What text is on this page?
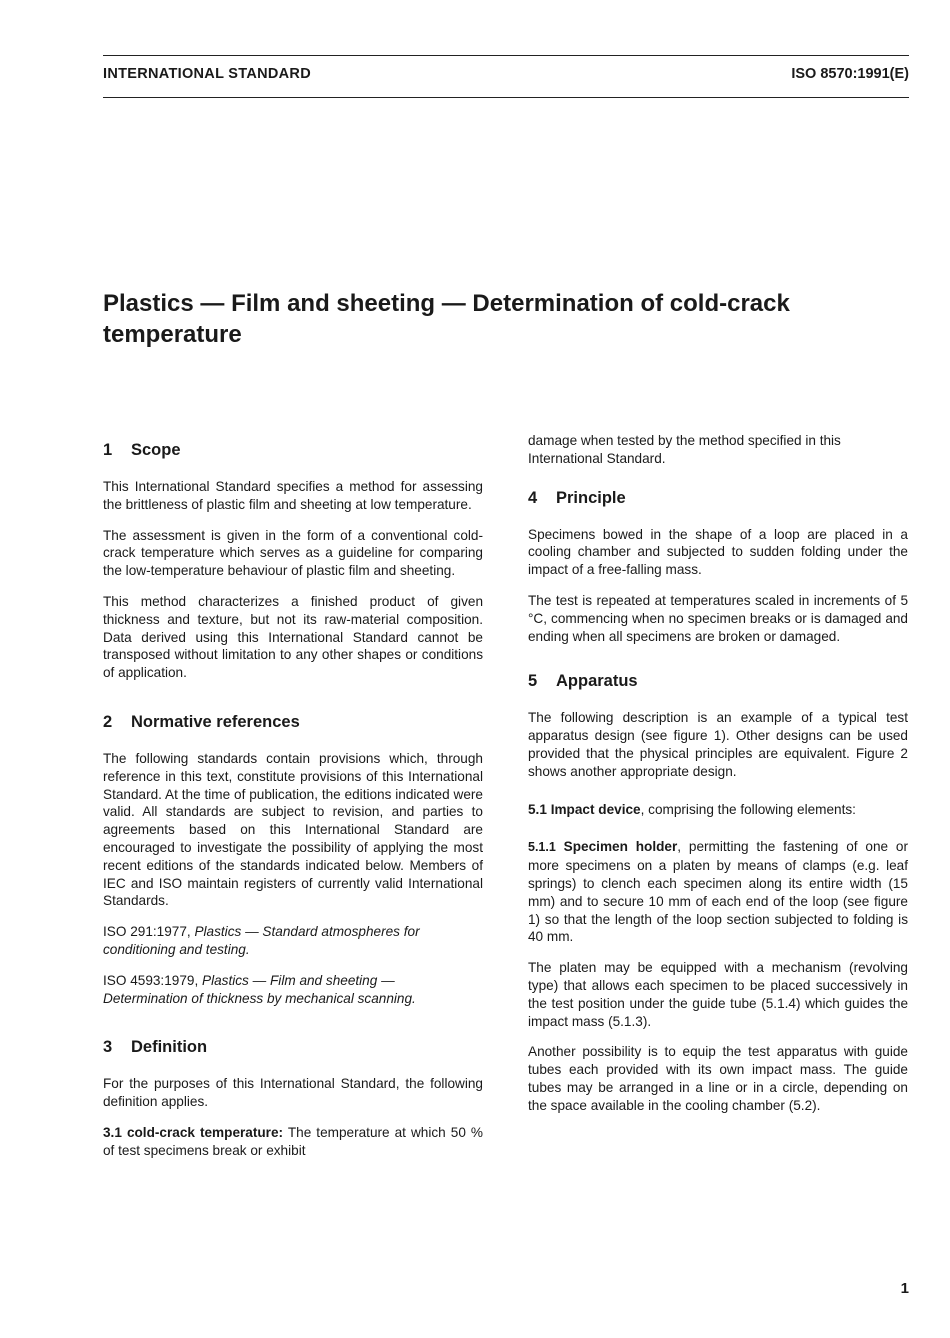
INTERNATIONAL STANDARD	ISO 8570:1991(E)
Plastics — Film and sheeting — Determination of cold-crack temperature
1 Scope

This International Standard specifies a method for assessing the brittleness of plastic film and sheeting at low temperature.

The assessment is given in the form of a conventional cold-crack temperature which serves as a guideline for comparing the low-temperature behaviour of plastic film and sheeting.

This method characterizes a finished product of given thickness and texture, but not its raw-material composition. Data derived using this International Standard cannot be transposed without limitation to any other shapes or conditions of application.

2 Normative references

The following standards contain provisions which, through reference in this text, constitute provisions of this International Standard. At the time of publication, the editions indicated were valid. All standards are subject to revision, and parties to agreements based on this International Standard are encouraged to investigate the possibility of applying the most recent editions of the standards indicated below. Members of IEC and ISO maintain registers of currently valid International Standards.

ISO 291:1977, Plastics — Standard atmospheres for conditioning and testing.

ISO 4593:1979, Plastics — Film and sheeting — Determination of thickness by mechanical scanning.

3 Definition

For the purposes of this International Standard, the following definition applies.

3.1 cold-crack temperature: The temperature at which 50 % of test specimens break or exhibit

damage when tested by the method specified in this International Standard.

4 Principle

Specimens bowed in the shape of a loop are placed in a cooling chamber and subjected to sudden folding under the impact of a free-falling mass.

The test is repeated at temperatures scaled in increments of 5 °C, commencing when no specimen breaks or is damaged and ending when all specimens are broken or damaged.

5 Apparatus

The following description is an example of a typical test apparatus design (see figure 1). Other designs can be used provided that the physical principles are equivalent. Figure 2 shows another appropriate design.

5.1 Impact device, comprising the following elements:

5.1.1 Specimen holder, permitting the fastening of one or more specimens on a platen by means of clamps (e.g. leaf springs) to clench each specimen along its entire width (15 mm) and to secure 10 mm of each end of the loop (see figure 1) so that the length of the loop section subjected to folding is 40 mm.

The platen may be equipped with a mechanism (revolving type) that allows each specimen to be placed successively in the test position under the guide tube (5.1.4) which guides the impact mass (5.1.3).

Another possibility is to equip the test apparatus with guide tubes each provided with its own impact mass. The guide tubes may be arranged in a line or in a circle, depending on the space available in the cooling chamber (5.2).

1
